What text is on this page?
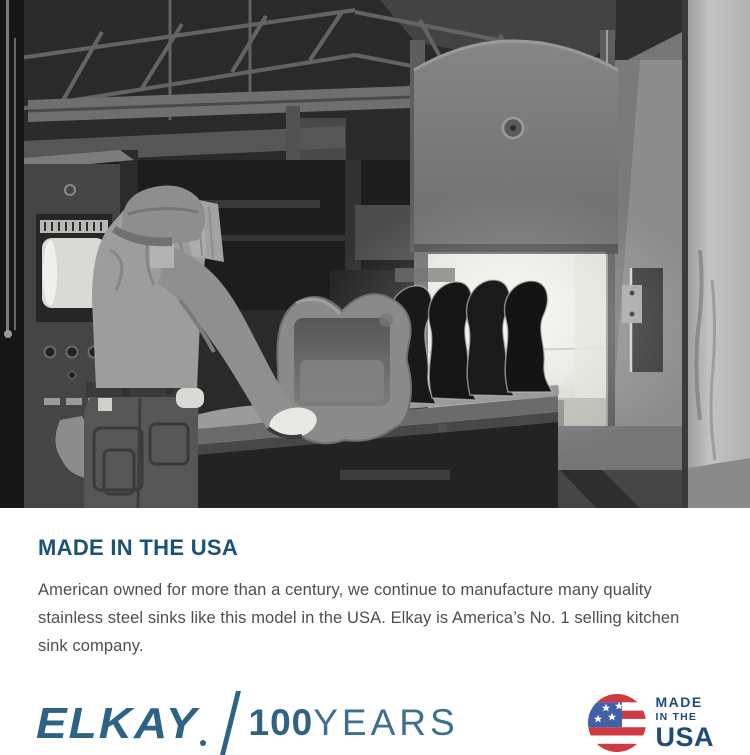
MADE IN THE USA

American owned for more than a century, we continue to manufacture many quality stainless steel sinks like this model in the USA. Elkay is America’s No. 1 selling kitchen sink company.

ELKAY 100 YEARS
MADE
IN THE
USA
